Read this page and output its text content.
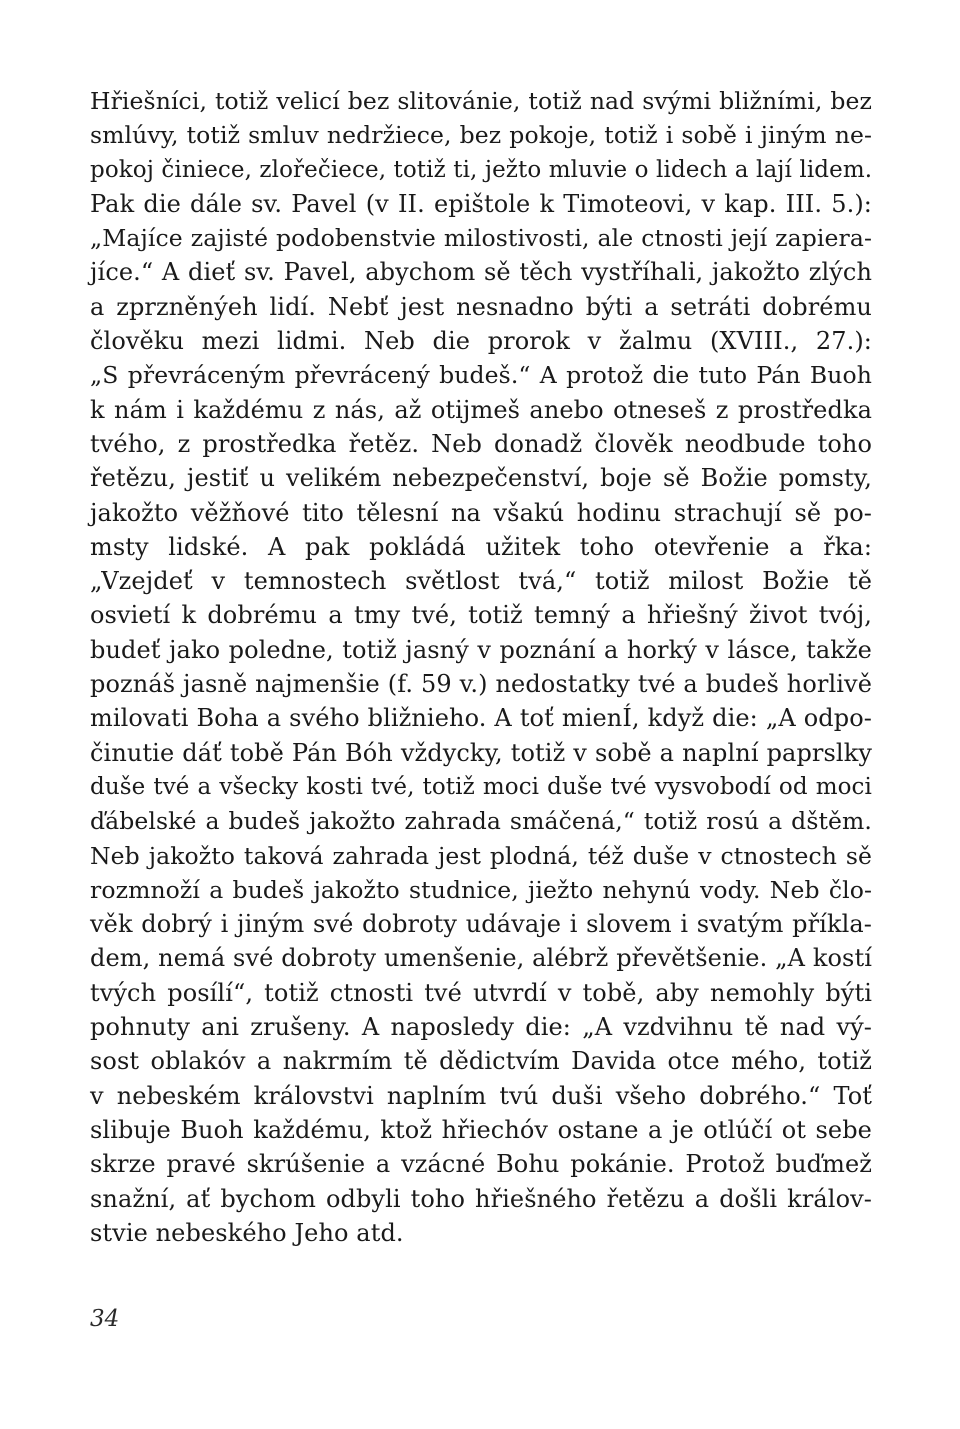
Hřiešníci, totiž velicí bez slitovánie, totiž nad svými bližními, bez
smlúvy, totiž smluv nedržiece, bez pokoje, totiž i sobě i jiným ne-
pokoj činiece, zlořečiece, totiž ti, ježto mluvie o lidech a lají lidem.
Pak die dále sv. Pavel (v II. epištole k Timoteovi, v kap. III. 5.):
„Majíce zajisté podobenstvie milostivosti, ale ctnosti její zapiera-
jíce.“ A dieť sv. Pavel, abychom sě těch vystříhali, jakožto zlých
a zprzněnýeh lidí. Nebť jest nesnadno býti a setráti dobrému
člověku mezi lidmi. Neb die prorok v žalmu (XVIII., 27.):
„S převráceným převrácený budeš.“ A protož die tuto Pán Buoh
k nám i každému z nás, až otijmeš anebo otneseš z prostředka
tvého, z prostředka řetěz. Neb donadž člověk neodbude toho
řetězu, jestiť u velikém nebezpečenství, boje sě Božie pomsty,
jakožto věžňové tito tělesní na všakú hodinu strachují sě po-
msty lidské. A pak pokládá užitek toho otevřenie a řka:
„Vzejdeť v temnostech světlost tvá,“ totiž milost Božie tě
osvietí k dobrému a tmy tvé, totiž temný a hřiešný život tvój,
budeť jako poledne, totiž jasný v poznání a horký v lásce, takže
poznáš jasně najmenšie (f. 59 v.) nedostatky tvé a budeš horlivě
milovati Boha a svého bližnieho. A toť mienÍ, když die: „A odpo-
činutie dáť tobě Pán Bóh vždycky, totiž v sobě a naplní paprslky
duše tvé a všecky kosti tvé, totiž moci duše tvé vysvobodí od moci
ďábelské a budeš jakožto zahrada smáčená,“ totiž rosú a dštěm.
Neb jakožto taková zahrada jest plodná, též duše v ctnostech sě
rozmnoží a budeš jakožto studnice, jiežto nehynú vody. Neb člo-
věk dobrý i jiným své dobroty udávaje i slovem i svatým příkla-
dem, nemá své dobroty umenšenie, alébrž převětšenie. „A kostí
tvých posílí“, totiž ctnosti tvé utvrdí v tobě, aby nemohly býti
pohnuty ani zrušeny. A naposledy die: „A vzdvihnu tě nad vý-
sost oblakóv a nakrmím tě dědictvím Davida otce mého, totiž
v nebeském královstvi naplním tvú duši všeho dobrého.“ Toť
slibuje Buoh každému, ktož hřiechóv ostane a je otlúčí ot sebe
skrze pravé skrúšenie a vzácné Bohu pokánie. Protož buďmež
snažní, ať bychom odbyli toho hřiešného řetězu a došli králov-
stvie nebeského Jeho atd.
34
